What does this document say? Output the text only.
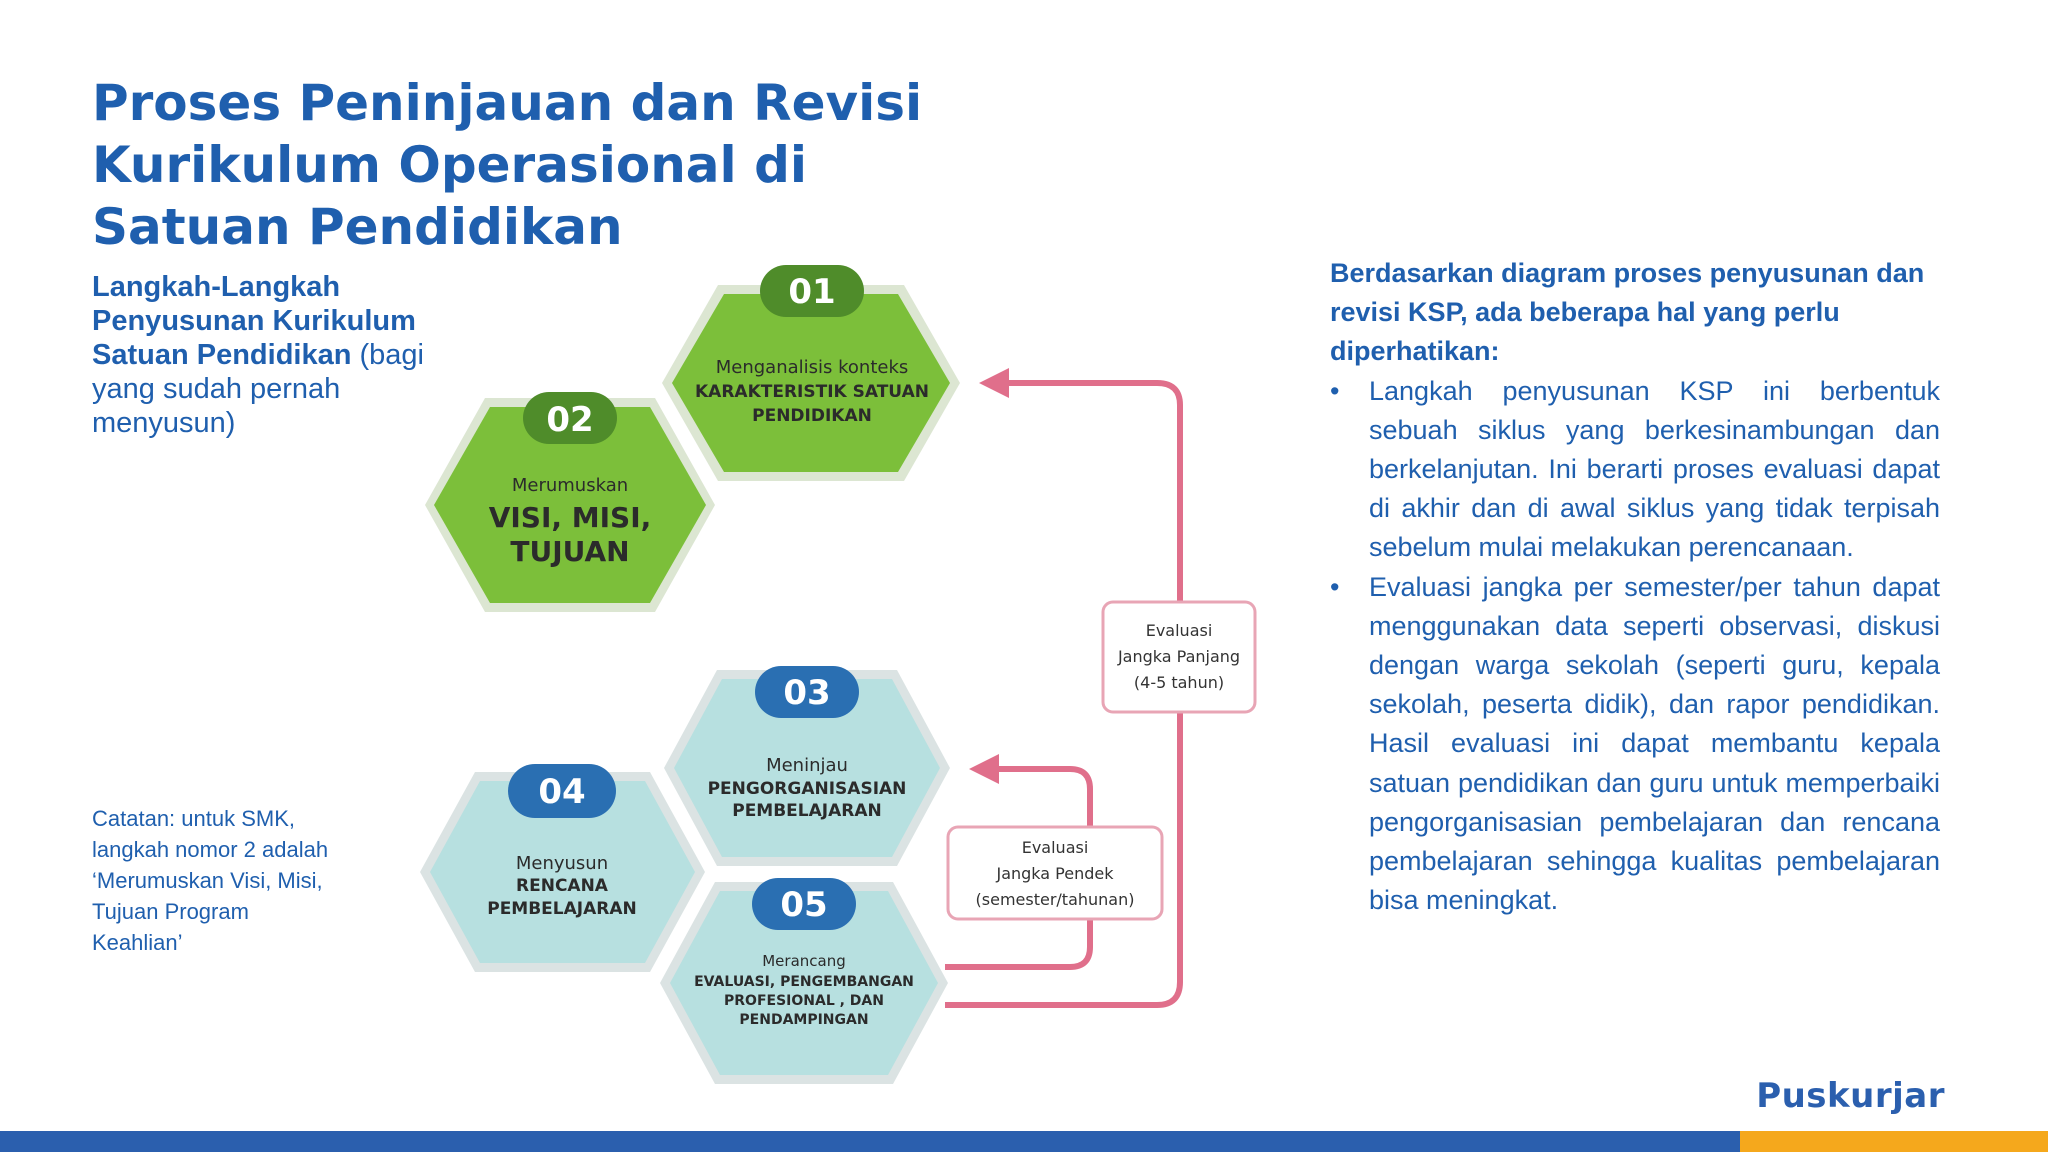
Proses Peninjauan dan Revisi Kurikulum Operasional di Satuan Pendidikan
Langkah-Langkah Penyusunan Kurikulum Satuan Pendidikan (bagi yang sudah pernah menyusun)
Catatan: untuk SMK, langkah nomor 2 adalah ‘Merumuskan Visi, Misi, Tujuan Program Keahlian’
Evaluasi
Jangka Panjang
(4-5 tahun)
Evaluasi
Jangka Pendek
(semester/tahunan)
02
Merumuskan
VISI, MISI,
TUJUAN
01
Menganalisis konteks
KARAKTERISTIK SATUAN
PENDIDIKAN
03
Meninjau
PENGORGANISASIAN
PEMBELAJARAN
04
Menyusun
RENCANA
PEMBELAJARAN	05
Merancang
EVALUASI, PENGEMBANGAN
PROFESIONAL , DAN
PENDAMPINGAN
Berdasarkan diagram proses penyusunan dan revisi KSP, ada beberapa hal yang perlu diperhatikan:
• Langkah penyusunan KSP ini berbentuk sebuah siklus yang berkesinambungan dan berkelanjutan. Ini berarti proses evaluasi dapat di akhir dan di awal siklus yang tidak terpisah sebelum mulai melakukan perencanaan.
• Evaluasi jangka per semester/per tahun dapat menggunakan data seperti observasi, diskusi dengan warga sekolah (seperti guru, kepala sekolah, peserta didik), dan rapor pendidikan. Hasil evaluasi ini dapat membantu kepala satuan pendidikan dan guru untuk memperbaiki pengorganisasian pembelajaran dan rencana pembelajaran sehingga kualitas pembelajaran bisa meningkat.
Puskurjar
